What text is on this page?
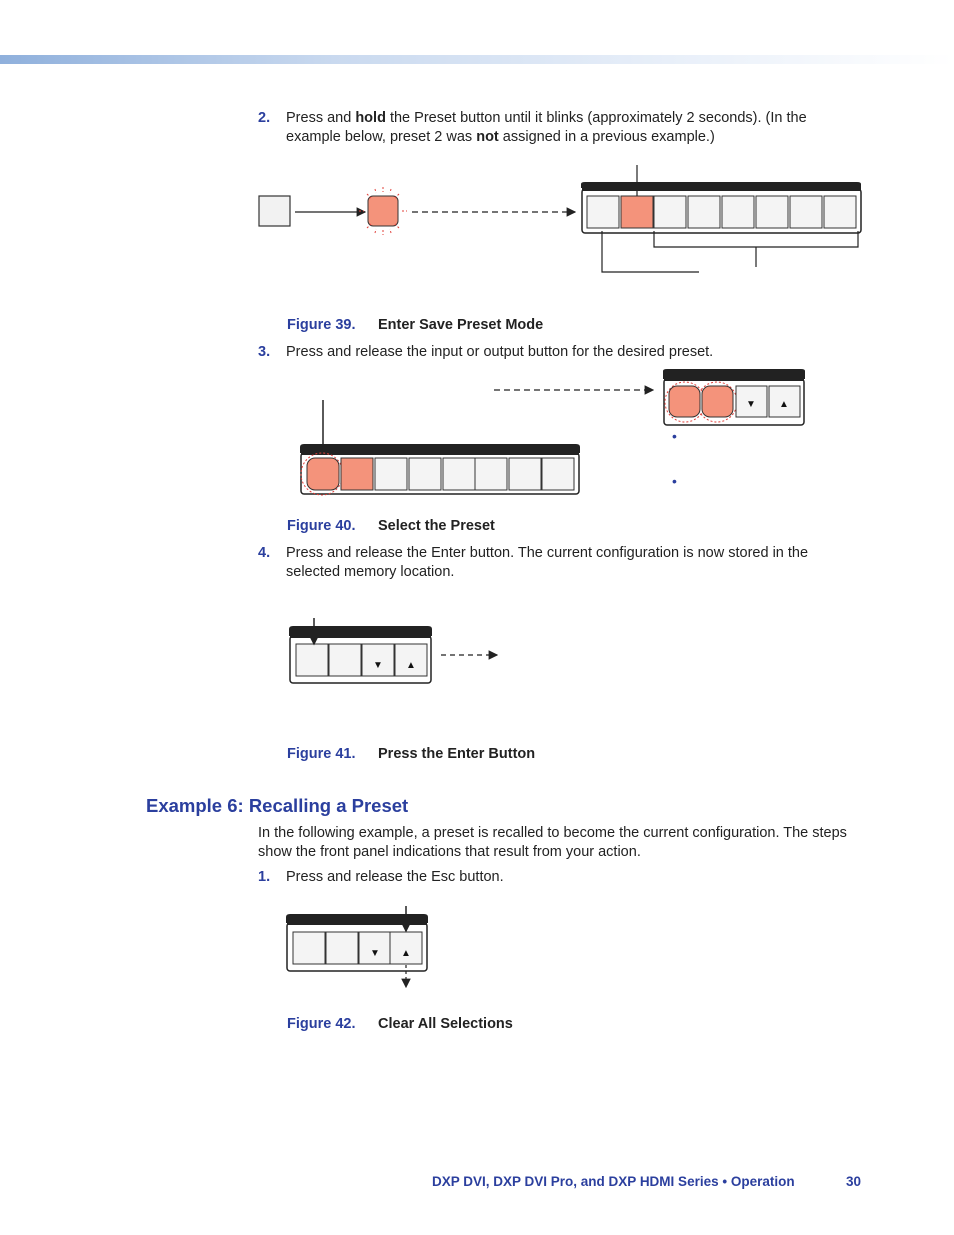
2. Press and hold the Preset button until it blinks (approximately 2 seconds). (In the example below, preset 2 was not assigned in a previous example.)
Figure 39. Enter Save Preset Mode
3. Press and release the input or output button for the desired preset.
▼ ▲
•
•
Figure 40. Select the Preset
4. Press and release the Enter button. The current configuration is now stored in the selected memory location.
▼ ▲
Figure 41. Press the Enter Button
Example 6: Recalling a Preset
In the following example, a preset is recalled to become the current configuration. The steps show the front panel indications that result from your action.
1. Press and release the Esc button.
▼ ▲
Figure 42. Clear All Selections
DXP DVI, DXP DVI Pro, and DXP HDMI Series • Operation	30
